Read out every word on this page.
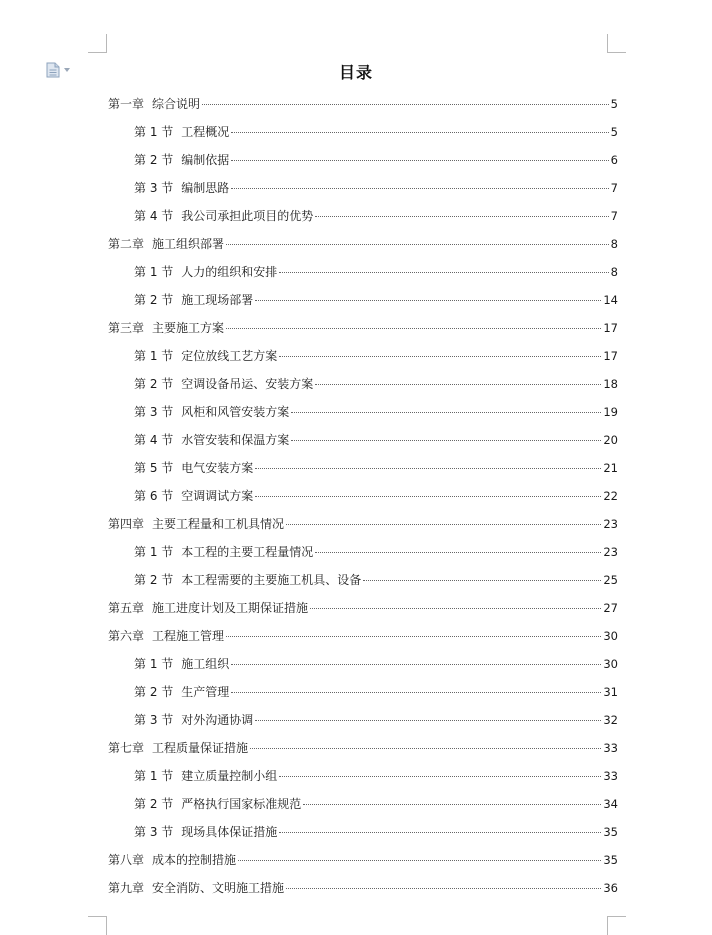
目录
第一章 综合说明	5
第 1 节 工程概况	5
第 2 节 编制依据	6
第 3 节 编制思路	7
第 4 节 我公司承担此项目的优势	7
第二章 施工组织部署	8
第 1 节 人力的组织和安排	8
第 2 节 施工现场部署	14
第三章 主要施工方案	17
第 1 节 定位放线工艺方案	17
第 2 节 空调设备吊运、安装方案	18
第 3 节 风柜和风管安装方案	19
第 4 节 水管安装和保温方案	20
第 5 节 电气安装方案	21
第 6 节 空调调试方案	22
第四章 主要工程量和工机具情况	23
第 1 节 本工程的主要工程量情况	23
第 2 节 本工程需要的主要施工机具、设备	25
第五章 施工进度计划及工期保证措施	27
第六章 工程施工管理	30
第 1 节 施工组织	30
第 2 节 生产管理	31
第 3 节 对外沟通协调	32
第七章 工程质量保证措施	33
第 1 节 建立质量控制小组	33
第 2 节 严格执行国家标准规范	34
第 3 节 现场具体保证措施	35
第八章 成本的控制措施	35
第九章 安全消防、文明施工措施	36
